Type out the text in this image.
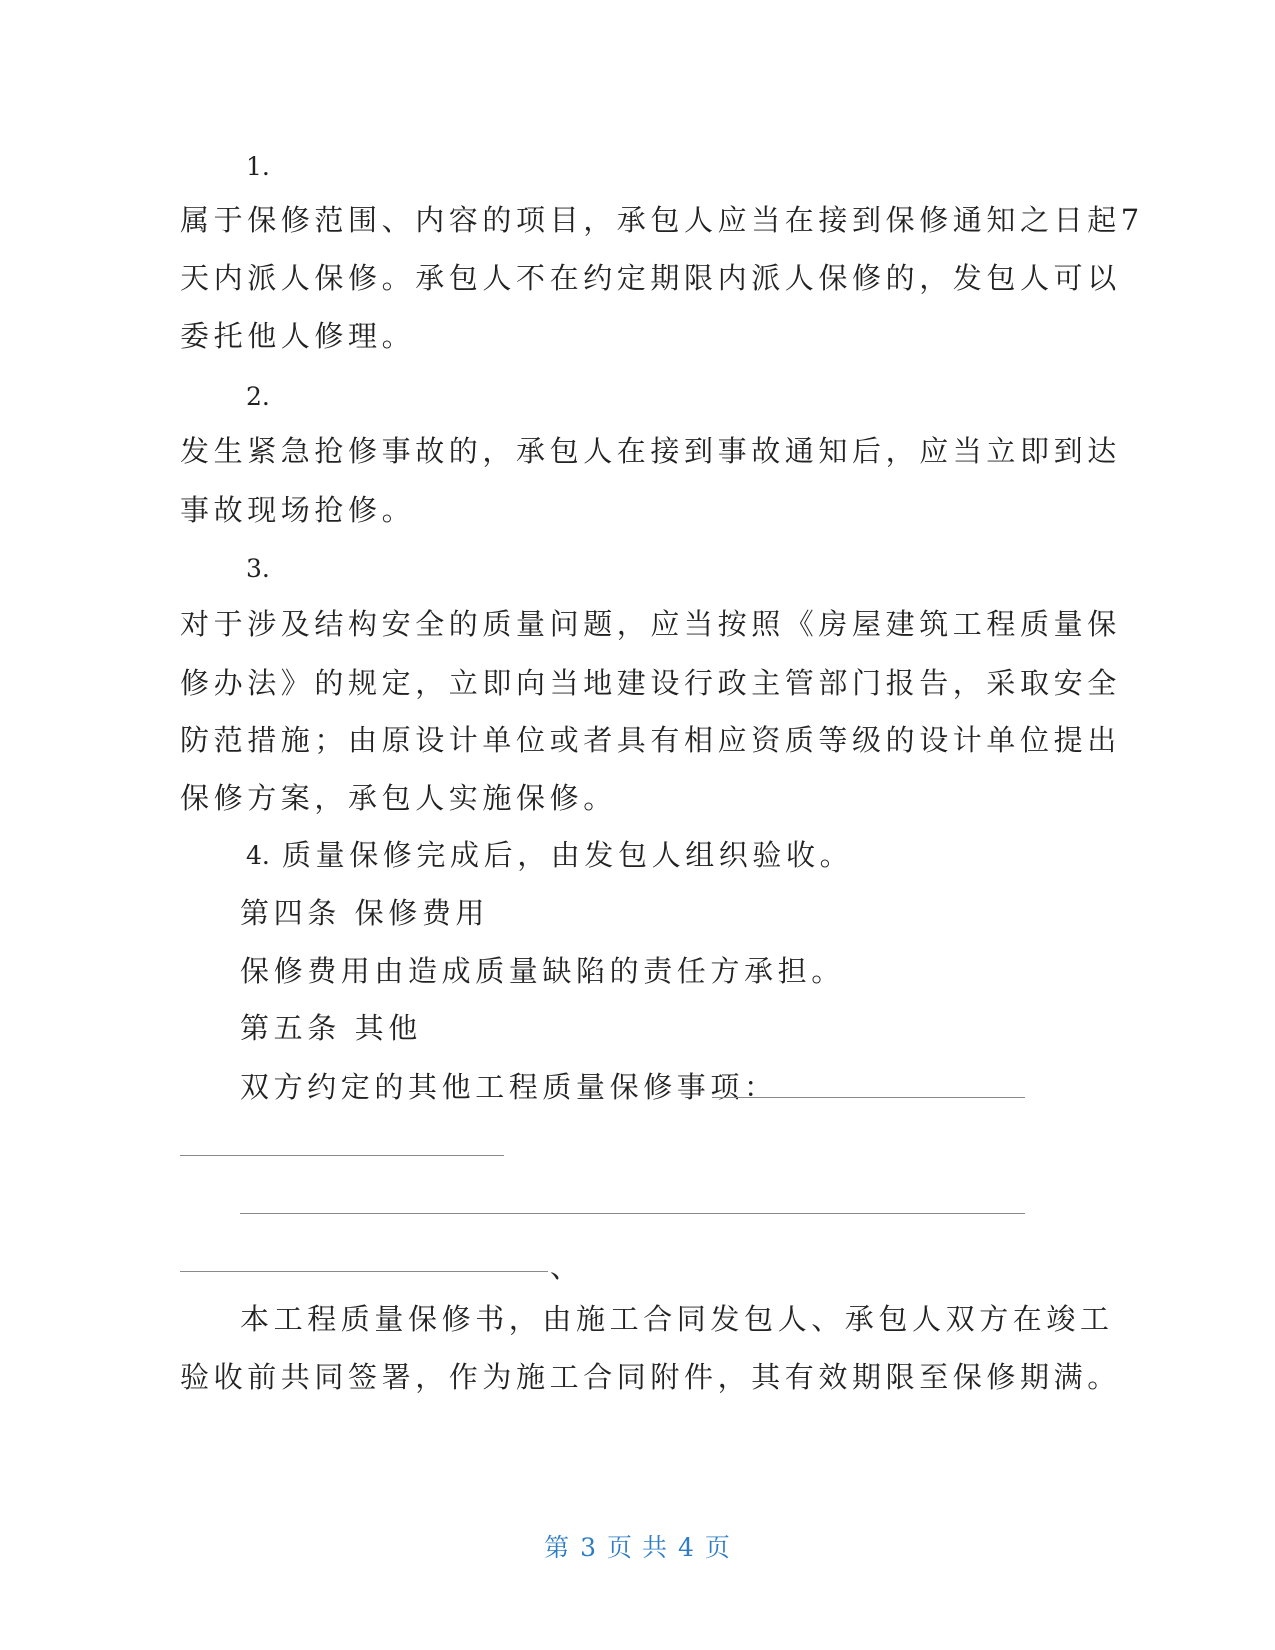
1.
属于保修范围、内容的项目，承包人应当在接到保修通知之日起7
天内派人保修。承包人不在约定期限内派人保修的，发包人可以
委托他人修理。
2.
发生紧急抢修事故的，承包人在接到事故通知后，应当立即到达
事故现场抢修。
3.
对于涉及结构安全的质量问题，应当按照《房屋建筑工程质量保
修办法》的规定，立即向当地建设行政主管部门报告，采取安全
防范措施；由原设计单位或者具有相应资质等级的设计单位提出
保修方案，承包人实施保修。
4. 质量保修完成后，由发包人组织验收。
第四条 保修费用
保修费用由造成质量缺陷的责任方承担。
第五条 其他
双方约定的其他工程质量保修事项：
、
本工程质量保修书，由施工合同发包人、承包人双方在竣工
验收前共同签署，作为施工合同附件，其有效期限至保修期满。
第 3 页 共 4 页
